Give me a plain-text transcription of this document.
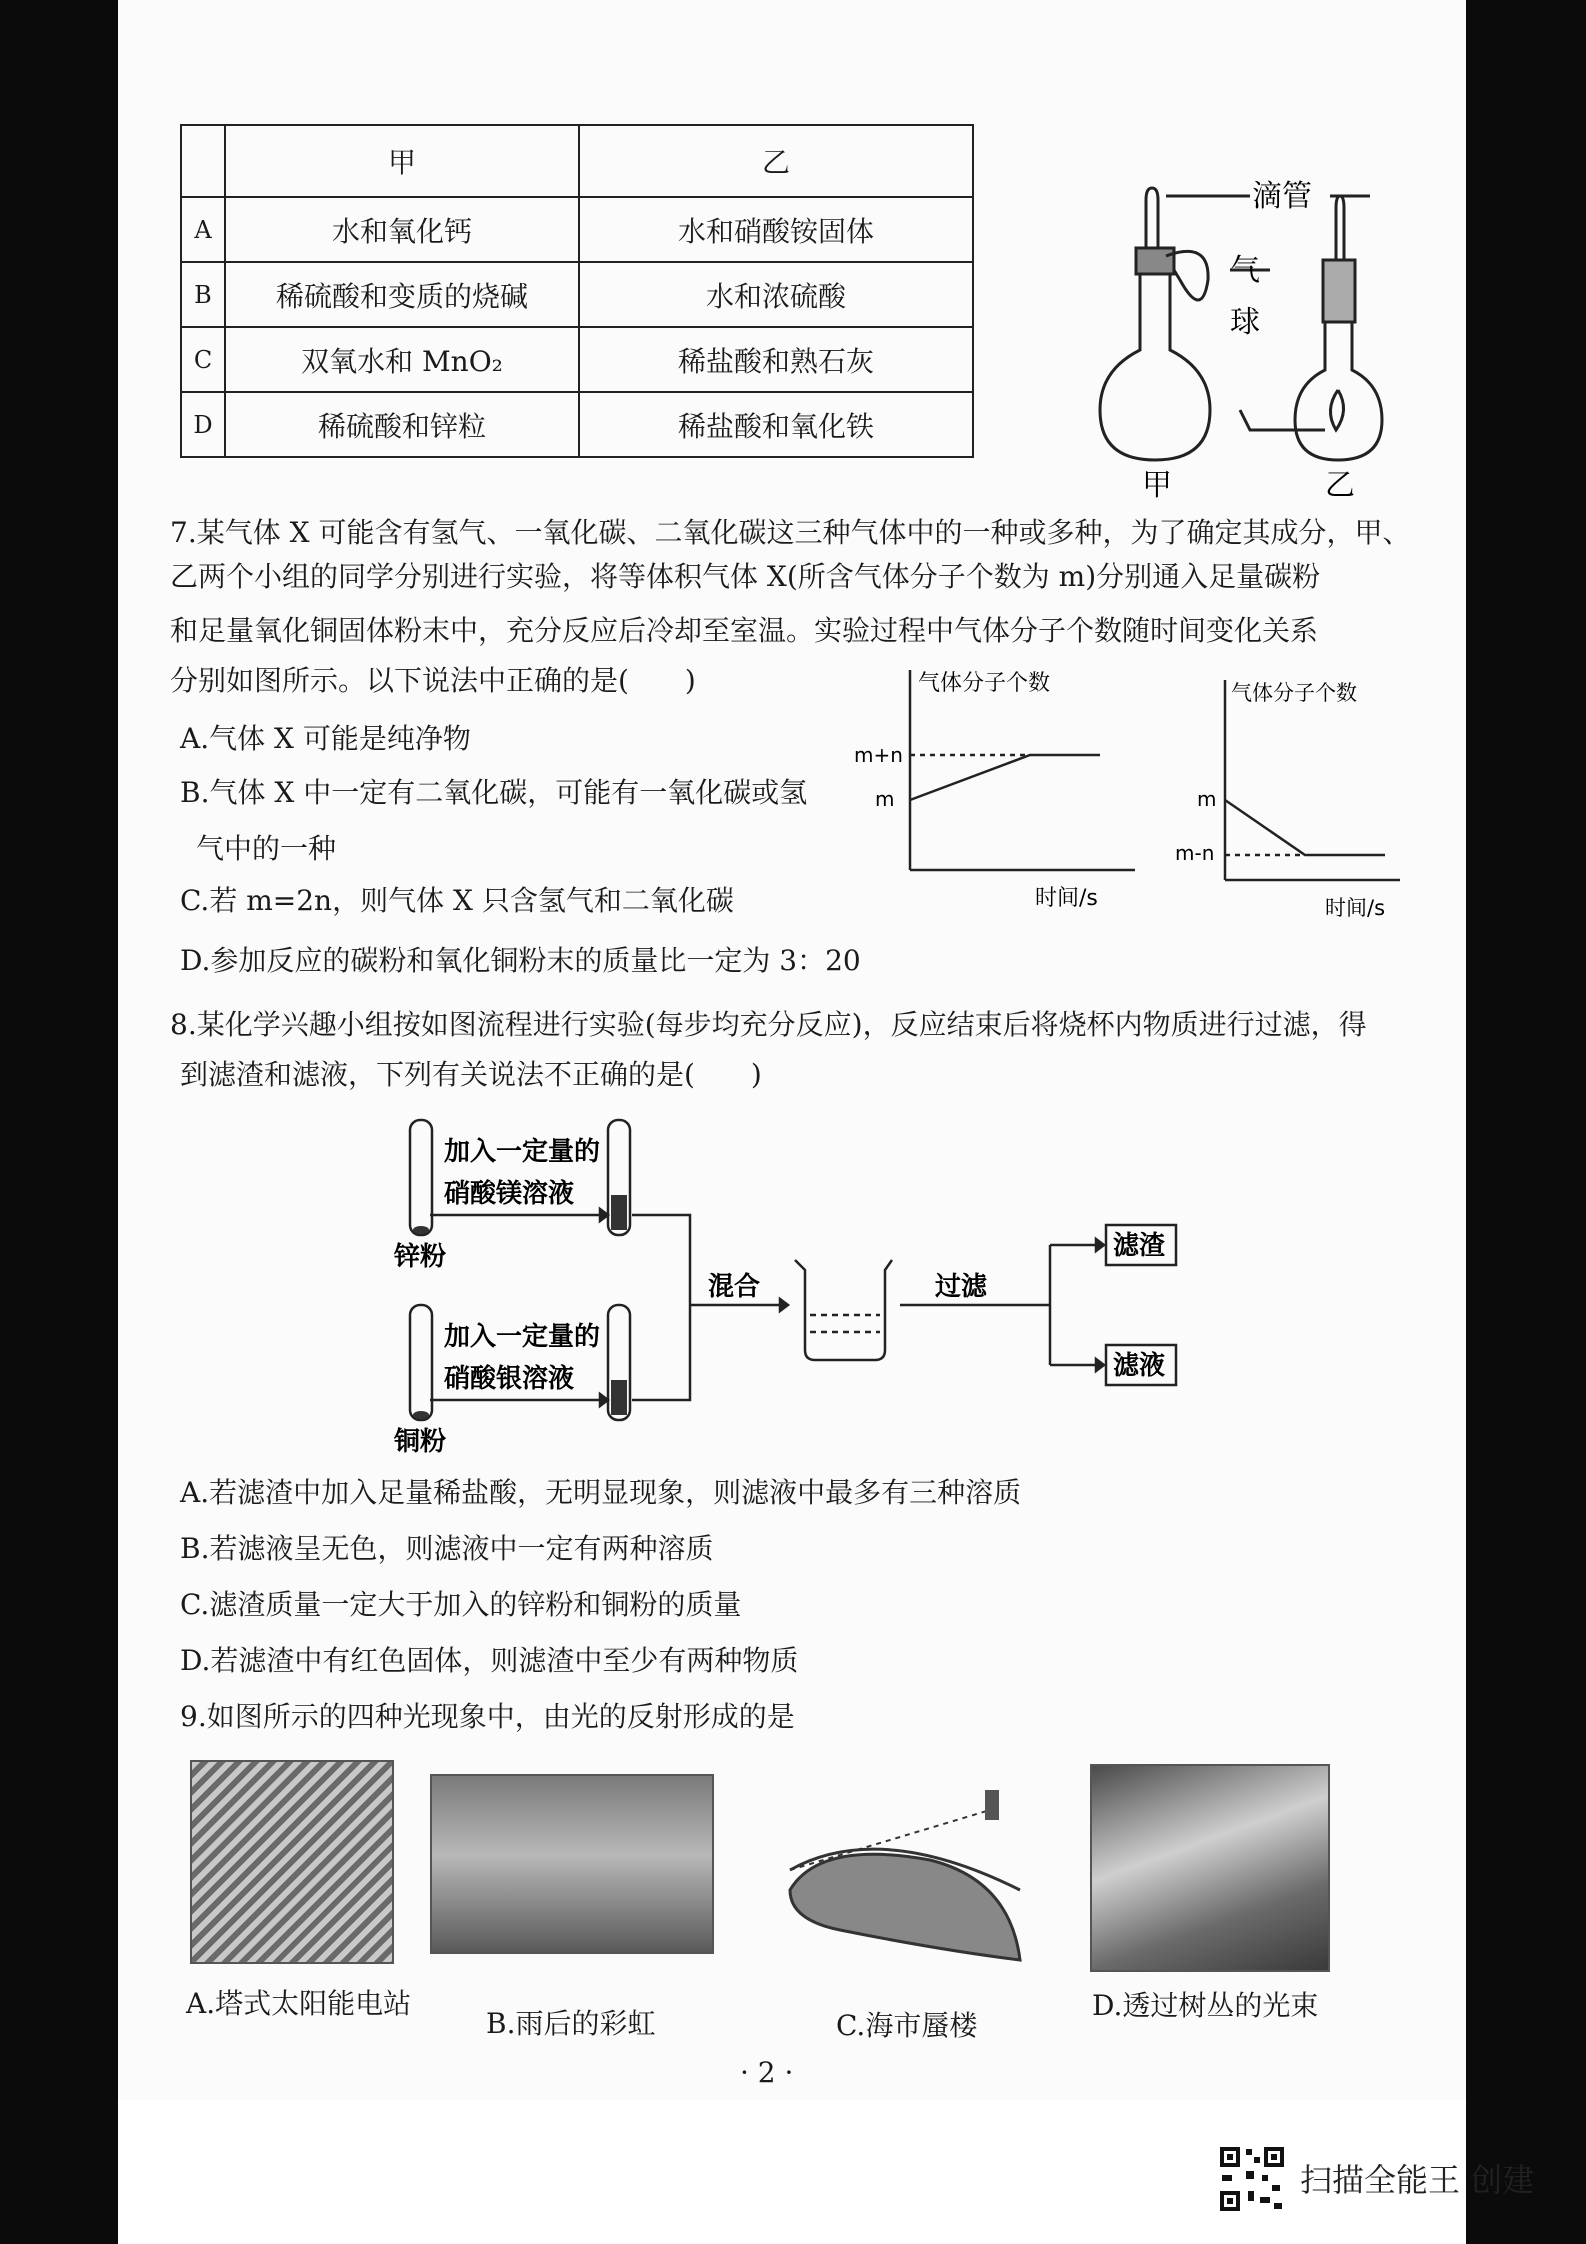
	甲	乙
A	水和氧化钙	水和硝酸铵固体
B	稀硫酸和变质的烧碱	水和浓硫酸
C	双氧水和 MnO₂	稀盐酸和熟石灰
D	稀硫酸和锌粒	稀盐酸和氧化铁
滴管
气
球
甲	乙
7.某气体 X 可能含有氢气、一氧化碳、二氧化碳这三种气体中的一种或多种，为了确定其成分，甲、
乙两个小组的同学分别进行实验，将等体积气体 X(所含气体分子个数为 m)分别通入足量碳粉
和足量氧化铜固体粉末中，充分反应后冷却至室温。实验过程中气体分子个数随时间变化关系
分别如图所示。以下说法中正确的是(　　)
A.气体 X 可能是纯净物
B.气体 X 中一定有二氧化碳，可能有一氧化碳或氢
气中的一种
C.若 m=2n，则气体 X 只含氢气和二氧化碳
D.参加反应的碳粉和氧化铜粉末的质量比一定为 3：20
气体分子个数
m+n
m
时间/s
气体分子个数
m
m-n
时间/s
8.某化学兴趣小组按如图流程进行实验(每步均充分反应)，反应结束后将烧杯内物质进行过滤，得
到滤渣和滤液，下列有关说法不正确的是(　　)
加入一定量的
硝酸镁溶液
锌粉
加入一定量的
硝酸银溶液
铜粉
混合	过滤
滤渣
滤液
A.若滤渣中加入足量稀盐酸，无明显现象，则滤液中最多有三种溶质
B.若滤液呈无色，则滤液中一定有两种溶质
C.滤渣质量一定大于加入的锌粉和铜粉的质量
D.若滤渣中有红色固体，则滤渣中至少有两种物质
9.如图所示的四种光现象中，由光的反射形成的是
A.塔式太阳能电站
B.雨后的彩虹	C.海市蜃楼
D.透过树丛的光束
· 2 ·
扫描全能王 创建
